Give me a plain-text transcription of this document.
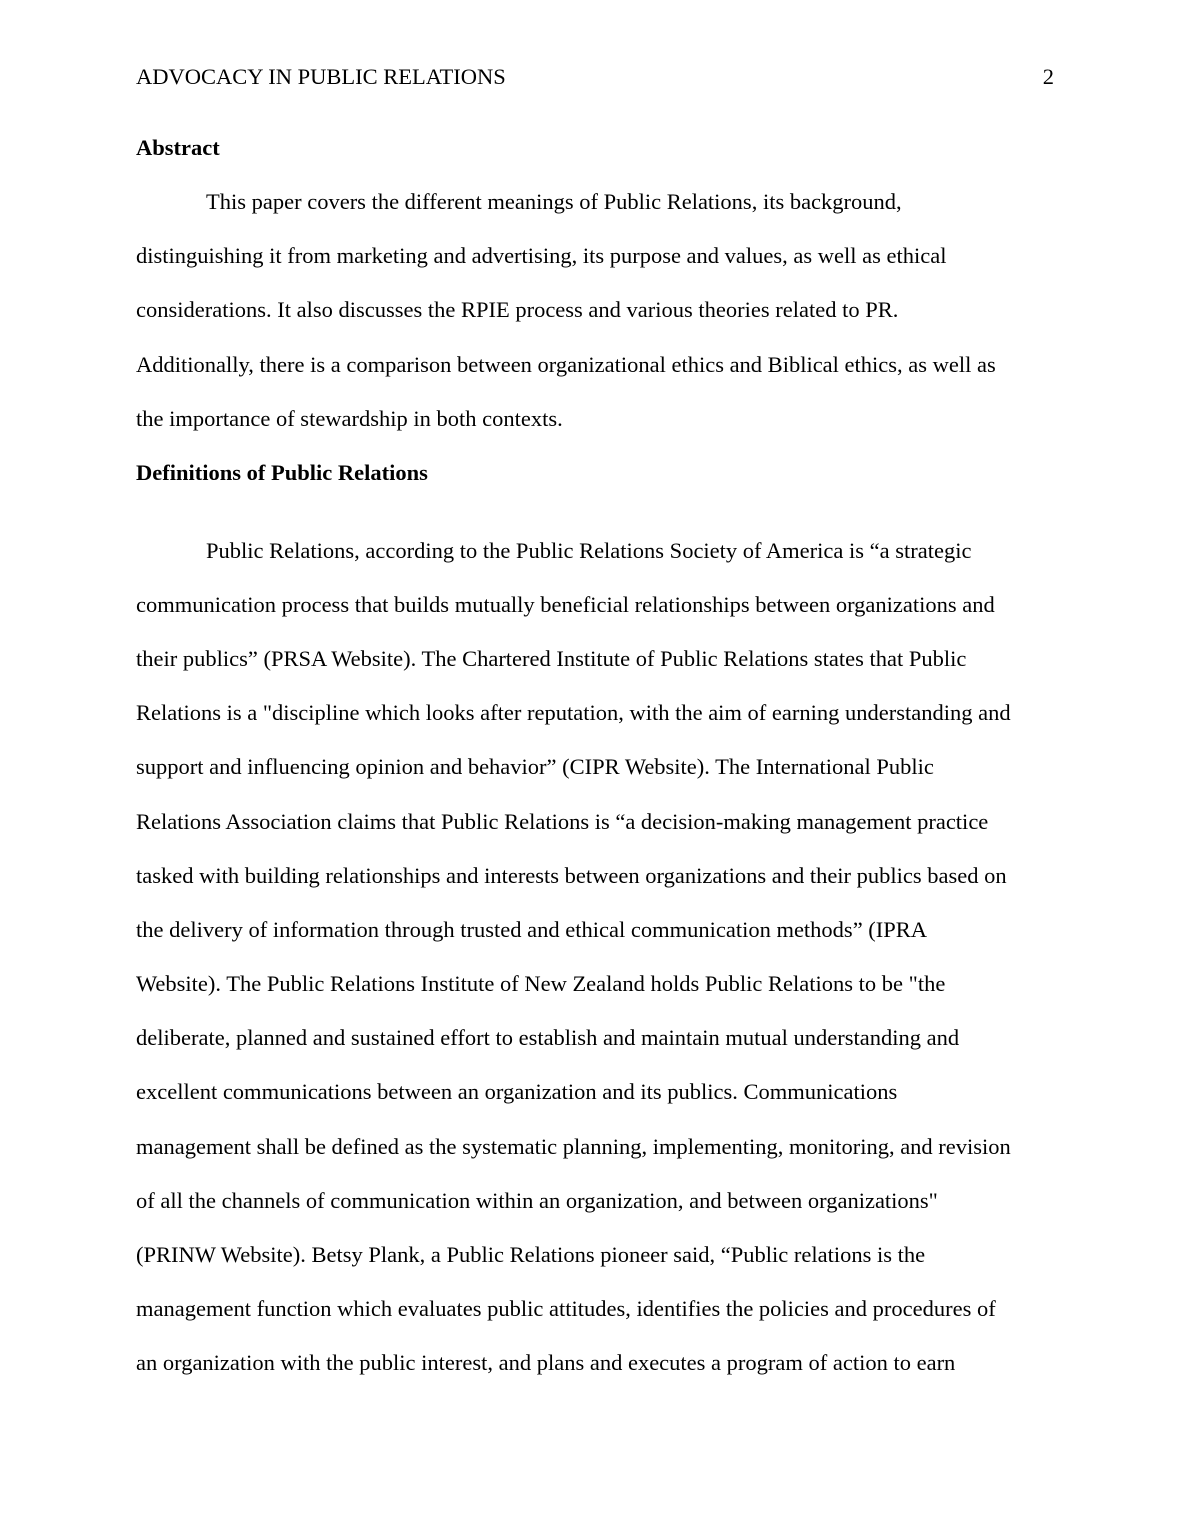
ADVOCACY IN PUBLIC RELATIONS	2
Abstract
This paper covers the different meanings of Public Relations, its background,
distinguishing it from marketing and advertising, its purpose and values, as well as ethical
considerations. It also discusses the RPIE process and various theories related to PR.
Additionally, there is a comparison between organizational ethics and Biblical ethics, as well as
the importance of stewardship in both contexts.
Definitions of Public Relations
Public Relations, according to the Public Relations Society of America is “a strategic
communication process that builds mutually beneficial relationships between organizations and
their publics” (PRSA Website). The Chartered Institute of Public Relations states that Public
Relations is a "discipline which looks after reputation, with the aim of earning understanding and
support and influencing opinion and behavior” (CIPR Website). The International Public
Relations Association claims that Public Relations is “a decision-making management practice
tasked with building relationships and interests between organizations and their publics based on
the delivery of information through trusted and ethical communication methods” (IPRA
Website). The Public Relations Institute of New Zealand holds Public Relations to be "the
deliberate, planned and sustained effort to establish and maintain mutual understanding and
excellent communications between an organization and its publics. Communications
management shall be defined as the systematic planning, implementing, monitoring, and revision
of all the channels of communication within an organization, and between organizations"
(PRINW Website). Betsy Plank, a Public Relations pioneer said, “Public relations is the
management function which evaluates public attitudes, identifies the policies and procedures of
an organization with the public interest, and plans and executes a program of action to earn
